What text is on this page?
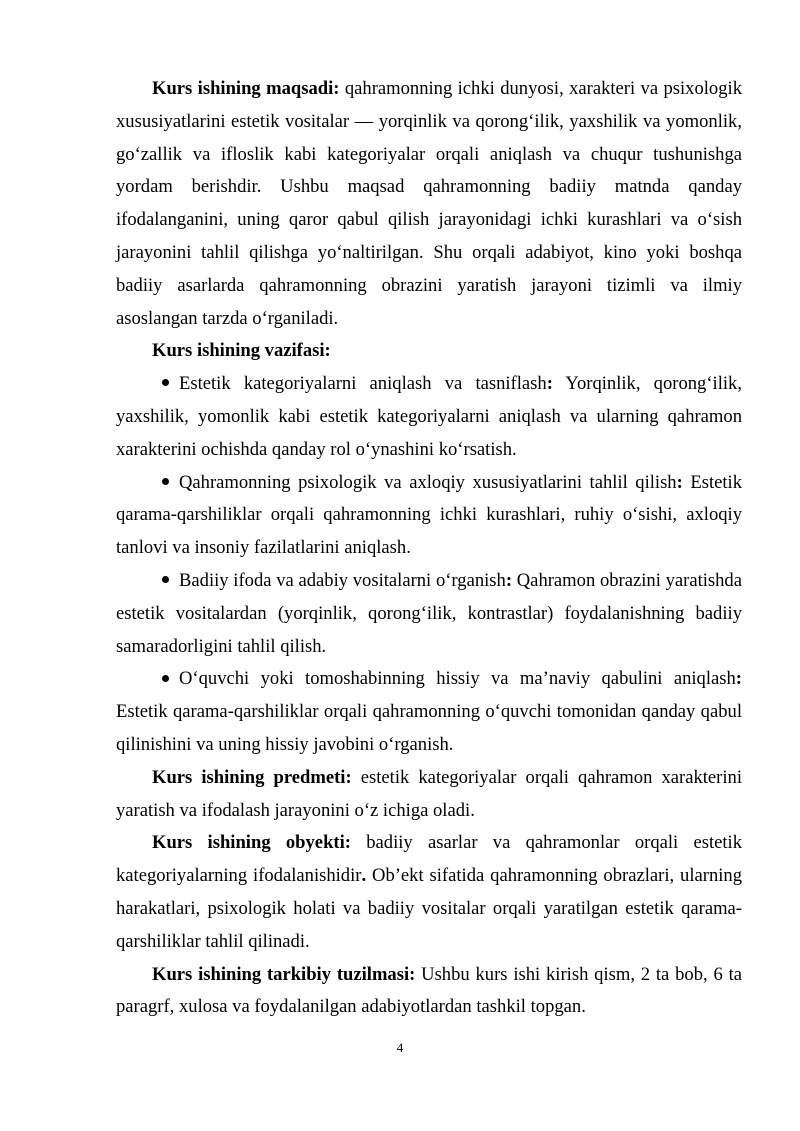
Kurs ishining maqsadi: qahramonning ichki dunyosi, xarakteri va psixologik xususiyatlarini estetik vositalar — yorqinlik va qorong‘ilik, yaxshilik va yomonlik, go‘zallik va ifloslik kabi kategoriyalar orqali aniqlash va chuqur tushunishga yordam berishdir. Ushbu maqsad qahramonning badiiy matnda qanday ifodalanganini, uning qaror qabul qilish jarayonidagi ichki kurashlari va o‘sish jarayonini tahlil qilishga yo‘naltirilgan. Shu orqali adabiyot, kino yoki boshqa badiiy asarlarda qahramonning obrazini yaratish jarayoni tizimli va ilmiy asoslangan tarzda o‘rganiladi.

Kurs ishining vazifasi:

Estetik kategoriyalarni aniqlash va tasniflash: Yorqinlik, qorong‘ilik, yaxshilik, yomonlik kabi estetik kategoriyalarni aniqlash va ularning qahramon xarakterini ochishda qanday rol o‘ynashini ko‘rsatish.

Qahramonning psixologik va axloqiy xususiyatlarini tahlil qilish: Estetik qarama-qarshiliklar orqali qahramonning ichki kurashlari, ruhiy o‘sishi, axloqiy tanlovi va insoniy fazilatlarini aniqlash.

Badiiy ifoda va adabiy vositalarni o‘rganish: Qahramon obrazini yaratishda estetik vositalardan (yorqinlik, qorong‘ilik, kontrastlar) foydalanishning badiiy samaradorligini tahlil qilish.

O‘quvchi yoki tomoshabinning hissiy va ma’naviy qabulini aniqlash: Estetik qarama-qarshiliklar orqali qahramonning o‘quvchi tomonidan qanday qabul qilinishini va uning hissiy javobini o‘rganish.

Kurs ishining predmeti: estetik kategoriyalar orqali qahramon xarakterini yaratish va ifodalash jarayonini o‘z ichiga oladi.

Kurs ishining obyekti: badiiy asarlar va qahramonlar orqali estetik kategoriyalarning ifodalanishidir. Ob’ekt sifatida qahramonning obrazlari, ularning harakatlari, psixologik holati va badiiy vositalar orqali yaratilgan estetik qarama-qarshiliklar tahlil qilinadi.

Kurs ishining tarkibiy tuzilmasi: Ushbu kurs ishi kirish qism, 2 ta bob, 6 ta paragrf, xulosa va foydalanilgan adabiyotlardan tashkil topgan.

4
